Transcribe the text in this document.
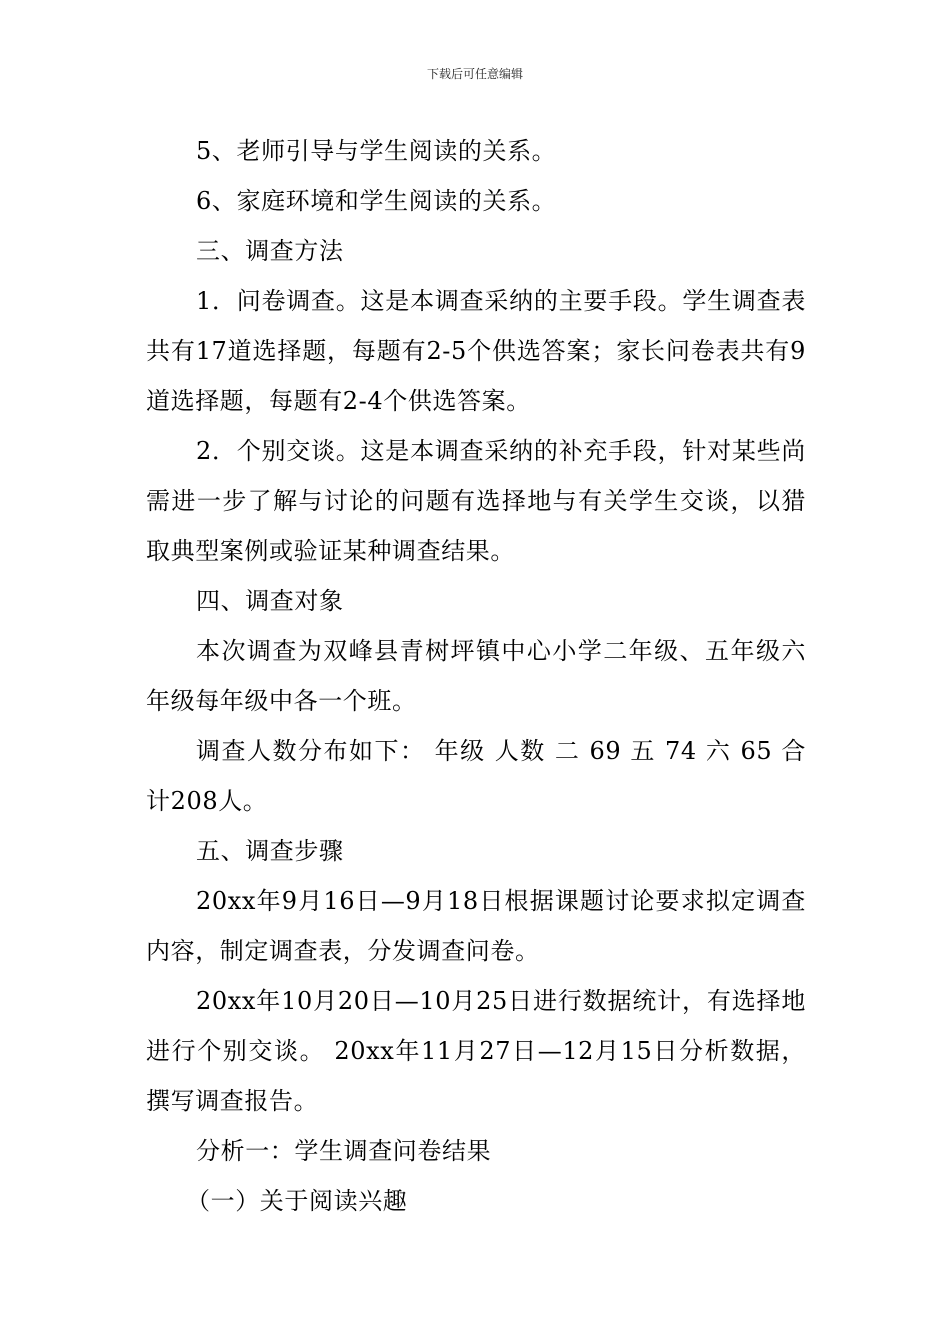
下载后可任意编辑

5、老师引导与学生阅读的关系。

6、家庭环境和学生阅读的关系。

三、调查方法

1．问卷调查。这是本调查采纳的主要手段。学生调查表共有17道选择题，每题有2-5个供选答案；家长问卷表共有9道选择题，每题有2-4个供选答案。

2．个别交谈。这是本调查采纳的补充手段，针对某些尚需进一步了解与讨论的问题有选择地与有关学生交谈，以猎取典型案例或验证某种调查结果。

四、调查对象

本次调查为双峰县青树坪镇中心小学二年级、五年级六年级每年级中各一个班。

调查人数分布如下： 年级 人数 二 69 五 74 六 65 合计208人。

五、调查步骤

20xx年9月16日—9月18日根据课题讨论要求拟定调查内容，制定调查表，分发调查问卷。

20xx年10月20日—10月25日进行数据统计，有选择地进行个别交谈。 20xx年11月27日—12月15日分析数据，撰写调查报告。

分析一：学生调查问卷结果

（一）关于阅读兴趣
